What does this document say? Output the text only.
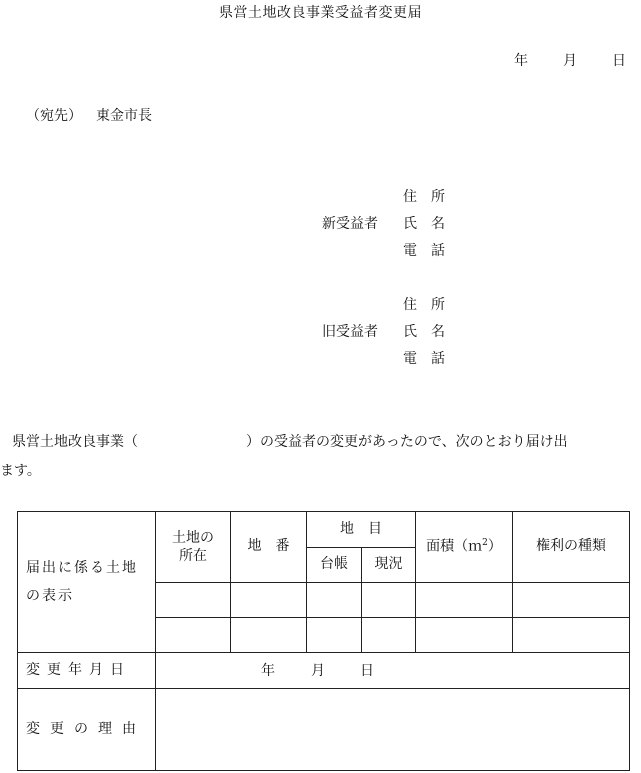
県営土地改良事業受益者変更届
年	月	日
（宛先） 東金市長
住　所
新受益者 氏　名
電　話
住　所
旧受益者 氏　名
電　話
県営土地改良事業（	）の受益者の変更があったので、次のとおり届け出
ます。
届出に係る土地の表示	土地の所在	地　番	地　目		面積（ｍ$^2$）	権利の種類
			台帳	現況		

変更年月日	年 月 日					

変更の理由						
